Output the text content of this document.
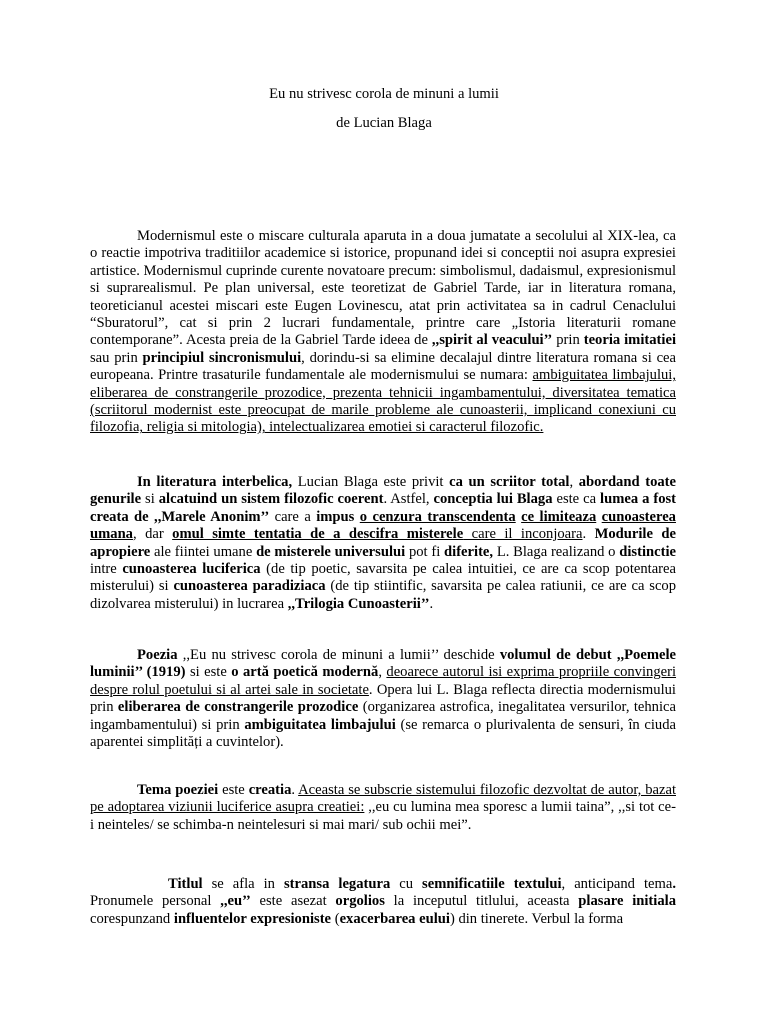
Eu nu strivesc corola de minuni a lumii
de Lucian Blaga

Modernismul este o miscare culturala aparuta in a doua jumatate a secolului al XIX-lea, ca o reactie impotriva traditiilor academice si istorice, propunand idei si conceptii noi asupra expresiei artistice. Modernismul cuprinde curente novatoare precum: simbolismul, dadaismul, expresionismul si suprarealismul. Pe plan universal, este teoretizat de Gabriel Tarde, iar in literatura romana, teoreticianul acestei miscari este Eugen Lovinescu, atat prin activitatea sa in cadrul Cenaclului “Sburatorul”, cat si prin 2 lucrari fundamentale, printre care „Istoria literaturii romane contemporane”. Acesta preia de la Gabriel Tarde ideea de ,,spirit al veacului’’ prin teoria imitatiei sau prin principiul sincronismului, dorindu-si sa elimine decalajul dintre literatura romana si cea europeana. Printre trasaturile fundamentale ale modernismului se numara: ambiguitatea limbajului, eliberarea de constrangerile prozodice, prezenta tehnicii ingambamentului, diversitatea tematica (scriitorul modernist este preocupat de marile probleme ale cunoasterii, implicand conexiuni cu filozofia, religia si mitologia), intelectualizarea emotiei si caracterul filozofic.

In literatura interbelica, Lucian Blaga este privit ca un scriitor total, abordand toate genurile si alcatuind un sistem filozofic coerent. Astfel, conceptia lui Blaga este ca lumea a fost creata de ,,Marele Anonim’’ care a impus o cenzura transcendenta ce limiteaza cunoasterea umana, dar omul simte tentatia de a descifra misterele care il inconjoara. Modurile de apropiere ale fiintei umane de misterele universului pot fi diferite, L. Blaga realizand o distinctie intre cunoasterea luciferica (de tip poetic, savarsita pe calea intuitiei, ce are ca scop potentarea misterului) si cunoasterea paradiziaca (de tip stiintific, savarsita pe calea ratiunii, ce are ca scop dizolvarea misterului) in lucrarea ,,Trilogia Cunoasterii’’.

Poezia ,,Eu nu strivesc corola de minuni a lumii’’ deschide volumul de debut ,,Poemele luminii’’ (1919) si este o artă poetică modernă, deoarece autorul isi exprima propriile convingeri despre rolul poetului si al artei sale in societate. Opera lui L. Blaga reflecta directia modernismului prin eliberarea de constrangerile prozodice (organizarea astrofica, inegalitatea versurilor, tehnica ingambamentului) si prin ambiguitatea limbajului (se remarca o plurivalenta de sensuri, în ciuda aparentei simplități a cuvintelor).

Tema poeziei este creatia. Aceasta se subscrie sistemului filozofic dezvoltat de autor, bazat pe adoptarea viziunii luciferice asupra creatiei: ,,eu cu lumina mea sporesc a lumii taina”, ,,si tot ce-i neinteles/ se schimba-n neintelesuri si mai mari/ sub ochii mei”.

Titlul se afla in stransa legatura cu semnificatiile textului, anticipand tema. Pronumele personal ,,eu’’ este asezat orgolios la inceputul titlului, aceasta plasare initiala corespunzand influentelor expresioniste (exacerbarea eului) din tinerete. Verbul la forma
